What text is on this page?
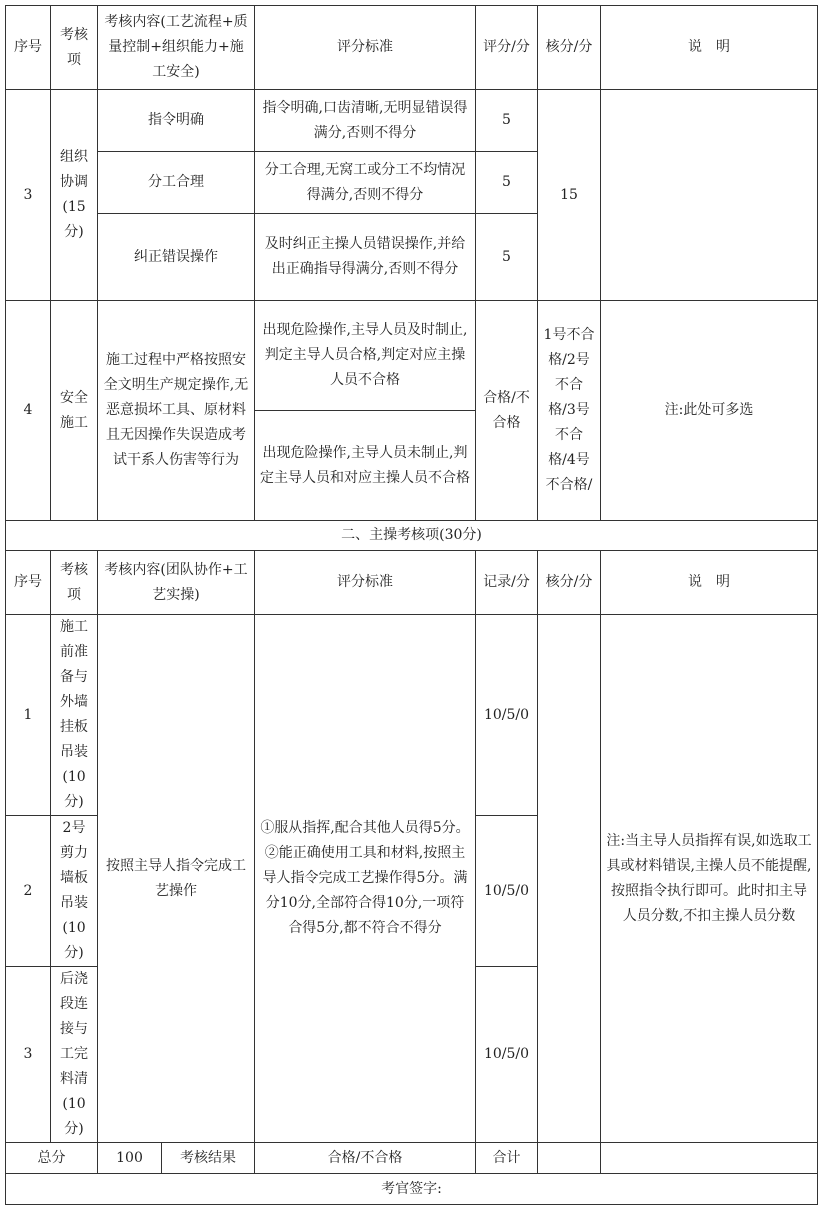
序号	考核项	考核内容(工艺流程+质量控制+组织能力+施工安全)		评分标准	评分/分	核分/分	说　明
3	组织协调(15分)	指令明确		指令明确,口齿清晰,无明显错误得满分,否则不得分	5	15	
		分工合理		分工合理,无窝工或分工不均情况得满分,否则不得分	5		
		纠正错误操作		及时纠正主操人员错误操作,并给出正确指导得满分,否则不得分	5		
4	安全施工	施工过程中严格按照安全文明生产规定操作,无恶意损坏工具、原材料且无因操作失误造成考试干系人伤害等行为		出现危险操作,主导人员及时制止,判定主导人员合格,判定对应主操人员不合格	合格/不合格	1号不合格/2号不合格/3号不合格/4号不合格/	注:此处可多选
				出现危险操作,主导人员未制止,判定主导人员和对应主操人员不合格			
二、主操考核项(30分)							
序号	考核项	考核内容(团队协作+工艺实操)		评分标准	记录/分	核分/分	说　明
1	施工前准备与外墙挂板吊装(10分)	按照主导人指令完成工艺操作		①服从指挥,配合其他人员得5分。②能正确使用工具和材料,按照主导人指令完成工艺操作得5分。满分10分,全部符合得10分,一项符合得5分,都不符合不得分	10/5/0		注:当主导人员指挥有误,如选取工具或材料错误,主操人员不能提醒,按照指令执行即可。此时扣主导人员分数,不扣主操人员分数
2	2号剪力墙板吊装(10分)				10/5/0		
3	后浇段连接与工完料清(10分)				10/5/0		
总分		100	考核结果	合格/不合格	合计		
考官签字:							
